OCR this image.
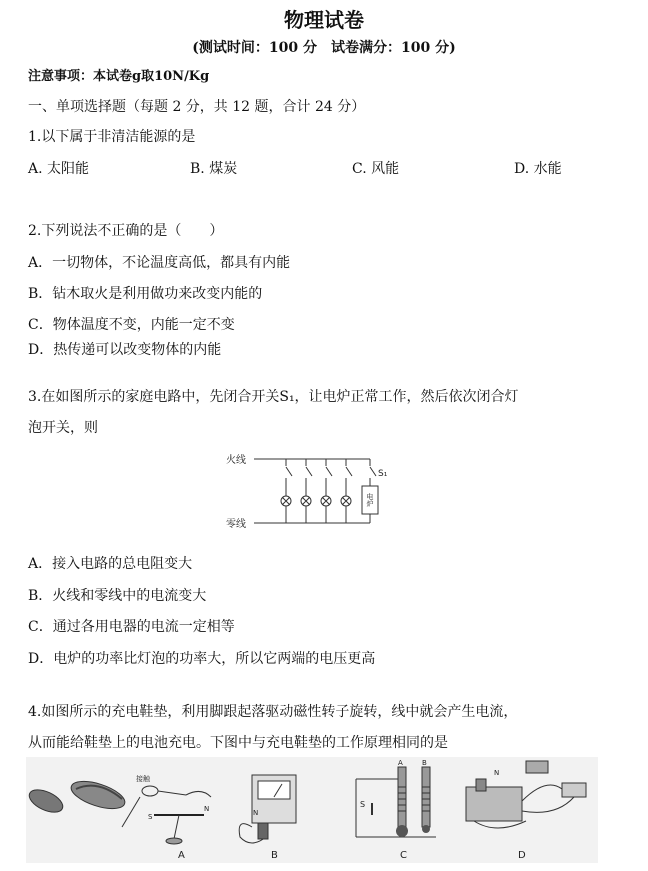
物理试卷
(测试时间：100 分　试卷满分：100 分)
注意事项：本试卷g取10N/Kg
一、单项选择题（每题 2 分，共 12 题，合计 24 分）
1.以下属于非清洁能源的是
A. 太阳能	B. 煤炭	C. 风能	D. 水能
2.下列说法不正确的是（　　）
A．一切物体，不论温度高低，都具有内能
B．钻木取火是利用做功来改变内能的
C．物体温度不变，内能一定不变
D．热传递可以改变物体的内能
3.在如图所示的家庭电路中，先闭合开关S₁，让电炉正常工作，然后依次闭合灯
泡开关，则
火线
零线
S₁
电炉
A．接入电路的总电阻变大
B．火线和零线中的电流变大
C．通过各用电器的电流一定相等
D．电炉的功率比灯泡的功率大，所以它两端的电压更高
4.如图所示的充电鞋垫，利用脚跟起落驱动磁性转子旋转，线中就会产生电流，
从而能给鞋垫上的电池充电。下图中与充电鞋垫的工作原理相同的是
接触
N
S
A
N
B
A	B
S
C
N
D
